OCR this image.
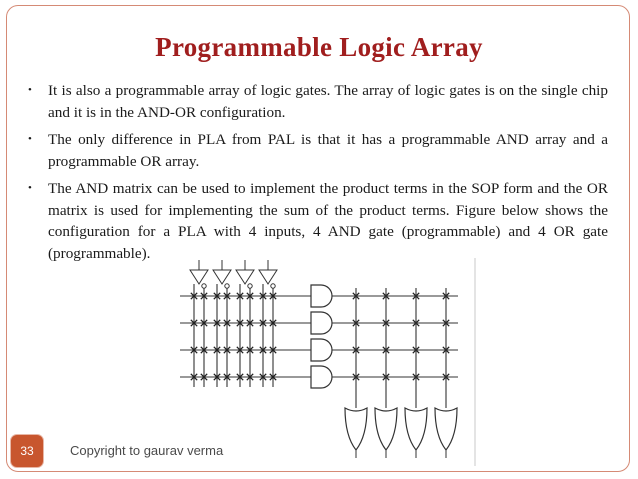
Programmable Logic Array
• It is also a programmable array of logic gates. The array of logic gates is on the single chip and it is in the AND-OR configuration.
• The only difference in PLA from PAL is that it has a programmable AND array and a programmable OR array.
• The AND matrix can be used to implement the product terms in the SOP form and the OR matrix is used for implementing the sum of the product terms. Figure below shows the configuration for a PLA with 4 inputs, 4 AND gate (programmable) and 4 OR gate (programmable).
33	Copyright to gaurav verma
